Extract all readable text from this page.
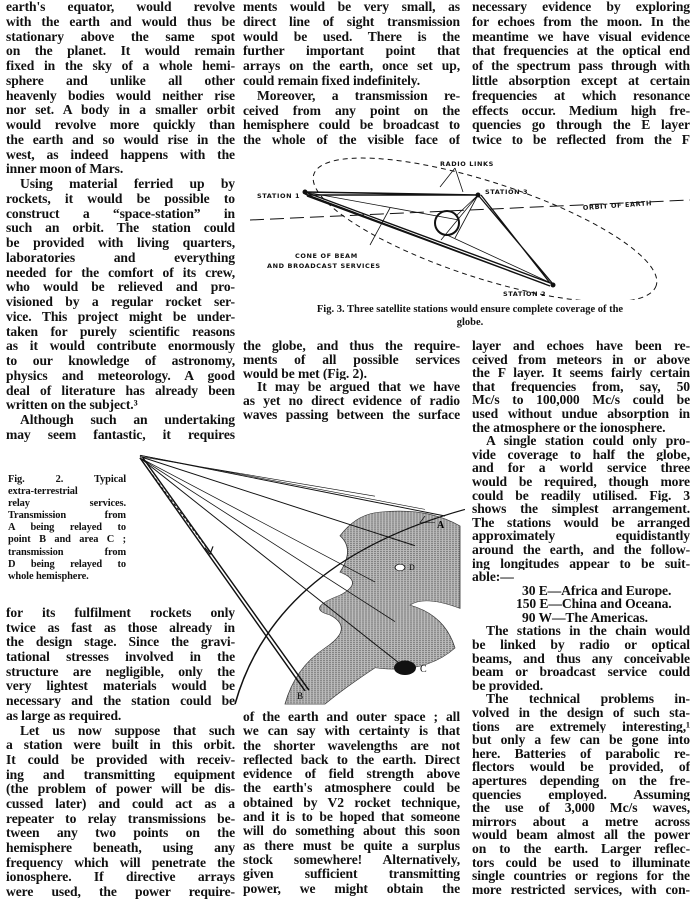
earth's equator, would revolve
with the earth and would thus be
stationary above the same spot
on the planet. It would remain
fixed in the sky of a whole hemi-
sphere and unlike all other
heavenly bodies would neither rise
nor set. A body in a smaller orbit
would revolve more quickly than
the earth and so would rise in the
west, as indeed happens with the
inner moon of Mars.
Using material ferried up by
rockets, it would be possible to
construct a “space-station” in
such an orbit. The station could
be provided with living quarters,
laboratories and everything
needed for the comfort of its crew,
who would be relieved and pro-
visioned by a regular rocket ser-
vice. This project might be under-
taken for purely scientific reasons
as it would contribute enormously
to our knowledge of astronomy,
physics and meteorology. A good
deal of literature has already been
written on the subject.³
Although such an undertaking
may seem fantastic, it requires
for its fulfilment rockets only
twice as fast as those already in
the design stage. Since the gravi-
tational stresses involved in the
structure are negligible, only the
very lightest materials would be
necessary and the station could be
as large as required.
Let us now suppose that such
a station were built in this orbit.
It could be provided with receiv-
ing and transmitting equipment
(the problem of power will be dis-
cussed later) and could act as a
repeater to relay transmissions be-
tween any two points on the
hemisphere beneath, using any
frequency which will penetrate the
ionosphere. If directive arrays
were used, the power require-
ments would be very small, as
direct line of sight transmission
would be used. There is the
further important point that
arrays on the earth, once set up,
could remain fixed indefinitely.
Moreover, a transmission re-
ceived from any point on the
hemisphere could be broadcast to
the whole of the visible face of
the globe, and thus the require-
ments of all possible services
would be met (Fig. 2).
It may be argued that we have
as yet no direct evidence of radio
waves passing between the surface
of the earth and outer space ; all
we can say with certainty is that
the shorter wavelengths are not
reflected back to the earth. Direct
evidence of field strength above
the earth's atmosphere could be
obtained by V2 rocket technique,
and it is to be hoped that someone
will do something about this soon
as there must be quite a surplus
stock somewhere! Alternatively,
given sufficient transmitting
power, we might obtain the
necessary evidence by exploring
for echoes from the moon. In the
meantime we have visual evidence
that frequencies at the optical end
of the spectrum pass through with
little absorption except at certain
frequencies at which resonance
effects occur. Medium high fre-
quencies go through the E layer
twice to be reflected from the F
layer and echoes have been re-
ceived from meteors in or above
the F layer. It seems fairly certain
that frequencies from, say, 50
Mc/s to 100,000 Mc/s could be
used without undue absorption in
the atmosphere or the ionosphere.
A single station could only pro-
vide coverage to half the globe,
and for a world service three
would be required, though more
could be readily utilised. Fig. 3
shows the simplest arrangement.
The stations would be arranged
approximately equidistantly
around the earth, and the follow-
ing longitudes appear to be suit-
able:—
30 E—Africa and Europe.
150 E—China and Oceana.
90 W—The Americas.
The stations in the chain would
be linked by radio or optical
beams, and thus any conceivable
beam or broadcast service could
be provided.
The technical problems in-
volved in the design of such sta-
tions are extremely interesting,¹
but only a few can be gone into
here. Batteries of parabolic re-
flectors would be provided, of
apertures depending on the fre-
quencies employed. Assuming
the use of 3,000 Mc/s waves,
mirrors about a metre across
would beam almost all the power
on to the earth. Larger reflec-
tors could be used to illuminate
single countries or regions for the
more restricted services, with con-
RADIO LINKS
STATION 1	STATION 3
STATION 2
ORBIT OF EARTH
CONE OF BEAM
AND BROADCAST SERVICES
Fig. 3. Three satellite stations would ensure complete coverage of the
globe.
A
B
C
D
Fig. 2. Typical
extra-terrestrial
relay services.
Transmission from
A being relayed to
point B and area C ;
transmission from
D being relayed to
whole hemisphere.
